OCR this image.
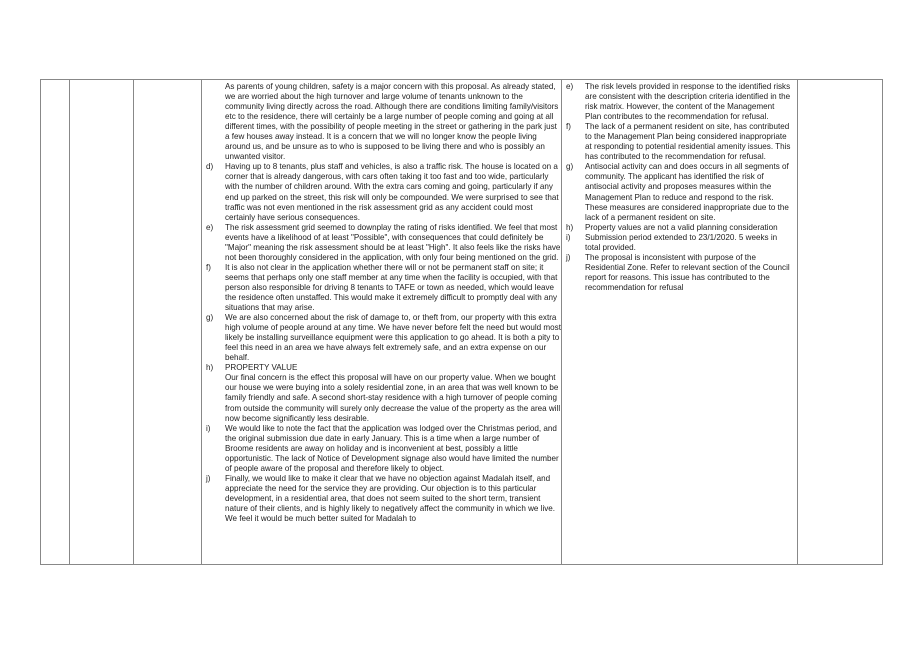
As parents of young children, safety is a major concern with this proposal. As already stated, we are worried about the high turnover and large volume of tenants unknown to the community living directly across the road. Although there are conditions limiting family/visitors etc to the residence, there will certainly be a large number of people coming and going at all different times, with the possibility of people meeting in the street or gathering in the park just a few houses away instead. It is a concern that we will no longer know the people living around us, and be unsure as to who is supposed to be living there and who is possibly an unwanted visitor.
d)	Having up to 8 tenants, plus staff and vehicles, is also a traffic risk. The house is located on a corner that is already dangerous, with cars often taking it too fast and too wide, particularly with the number of children around. With the extra cars coming and going, particularly if any end up parked on the street, this risk will only be compounded. We were surprised to see that traffic was not even mentioned in the risk assessment grid as any accident could most certainly have serious consequences.
e)	The risk assessment grid seemed to downplay the rating of risks identified. We feel that most events have a likelihood of at least "Possible", with consequences that could definitely be "Major" meaning the risk assessment should be at least "High". It also feels like the risks have not been thoroughly considered in the application, with only four being mentioned on the grid.
f)	It is also not clear in the application whether there will or not be permanent staff on site; it seems that perhaps only one staff member at any time when the facility is occupied, with that person also responsible for driving 8 tenants to TAFE or town as needed, which would leave the residence often unstaffed. This would make it extremely difficult to promptly deal with any situations that may arise.
g)	We are also concerned about the risk of damage to, or theft from, our property with this extra high volume of people around at any time. We have never before felt the need but would most likely be installing surveillance equipment were this application to go ahead. It is both a pity to feel this need in an area we have always felt extremely safe, and an extra expense on our behalf.
h)	PROPERTY VALUE
Our final concern is the effect this proposal will have on our property value. When we bought our house we were buying into a solely residential zone, in an area that was well known to be family friendly and safe. A second short-stay residence with a high turnover of people coming from outside the community will surely only decrease the value of the property as the area will now become significantly less desirable.
i)	We would like to note the fact that the application was lodged over the Christmas period, and the original submission due date in early January. This is a time when a large number of Broome residents are away on holiday and is inconvenient at best, possibly a little opportunistic. The lack of Notice of Development signage also would have limited the number of people aware of the proposal and therefore likely to object.
j)	Finally, we would like to make it clear that we have no objection against Madalah itself, and appreciate the need for the service they are providing. Our objection is to this particular development, in a residential area, that does not seem suited to the short term, transient nature of their clients, and is highly likely to negatively affect the community in which we live. We feel it would be much better suited for Madalah to
e)	The risk levels provided in response to the identified risks are consistent with the description criteria identified in the risk matrix. However, the content of the Management Plan contributes to the recommendation for refusal.
f)	The lack of a permanent resident on site, has contributed to the Management Plan being considered inappropriate at responding to potential residential amenity issues. This has contributed to the recommendation for refusal.
g)	Antisocial activity can and does occurs in all segments of community. The applicant has identified the risk of antisocial activity and proposes measures within the Management Plan to reduce and respond to the risk. These measures are considered inappropriate due to the lack of a permanent resident on site.
h)	Property values are not a valid planning consideration
i)	Submission period extended to 23/1/2020. 5 weeks in total provided.
j)	The proposal is inconsistent with purpose of the Residential Zone. Refer to relevant section of the Council report for reasons. This issue has contributed to the recommendation for refusal
